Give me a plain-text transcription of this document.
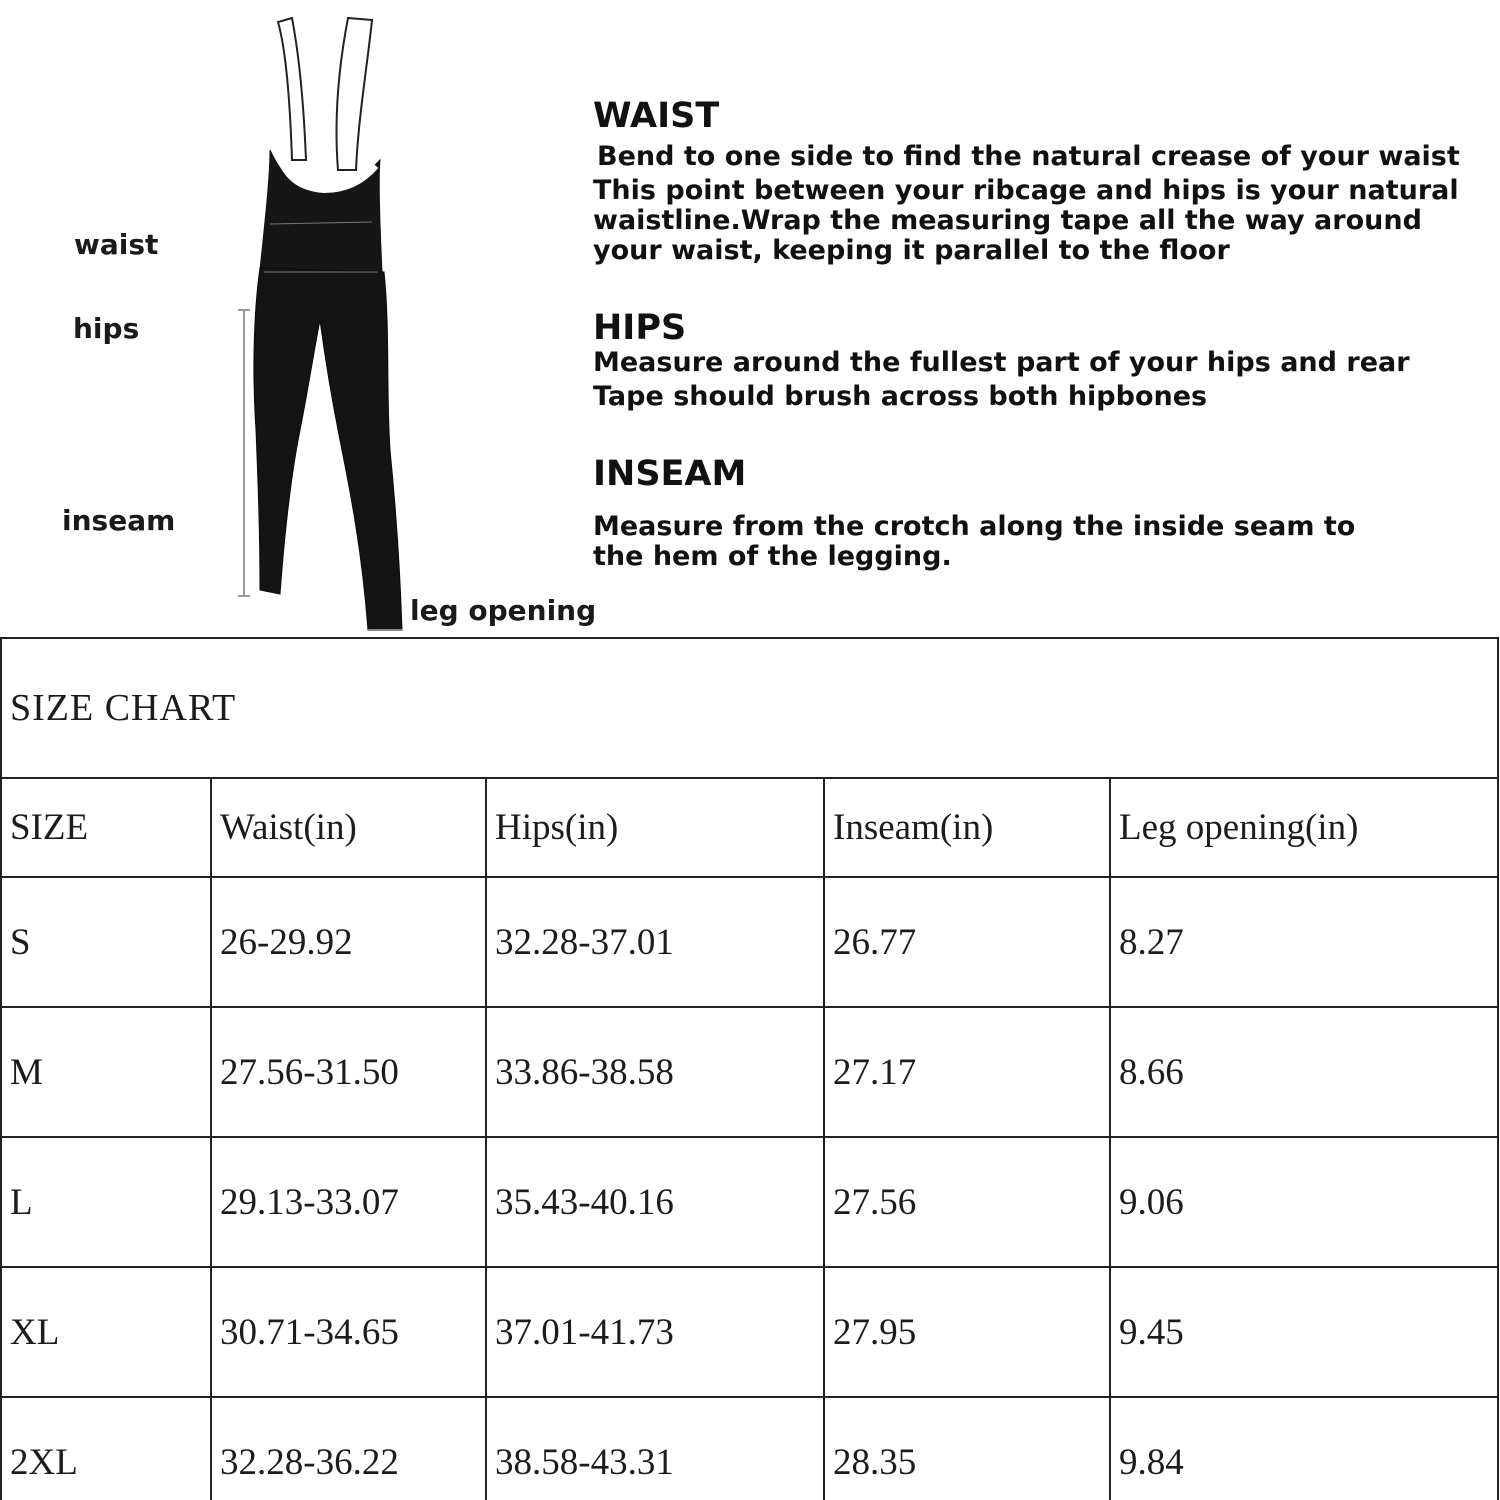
waist
hips
inseam
leg opening
WAIST
Bend to one side to find the natural crease of your waist
This point between your ribcage and hips is your natural
waistline.Wrap the measuring tape all the way around
your waist, keeping it parallel to the floor
HIPS
Measure around the fullest part of your hips and rear
Tape should brush across both hipbones
INSEAM
Measure from the crotch along the inside seam to
the hem of the legging.
SIZE CHART				
SIZE	Waist(in)	Hips(in)	Inseam(in)	Leg opening(in)
S	26-29.92	32.28-37.01	26.77	8.27
M	27.56-31.50	33.86-38.58	27.17	8.66
L	29.13-33.07	35.43-40.16	27.56	9.06
XL	30.71-34.65	37.01-41.73	27.95	9.45
2XL	32.28-36.22	38.58-43.31	28.35	9.84
